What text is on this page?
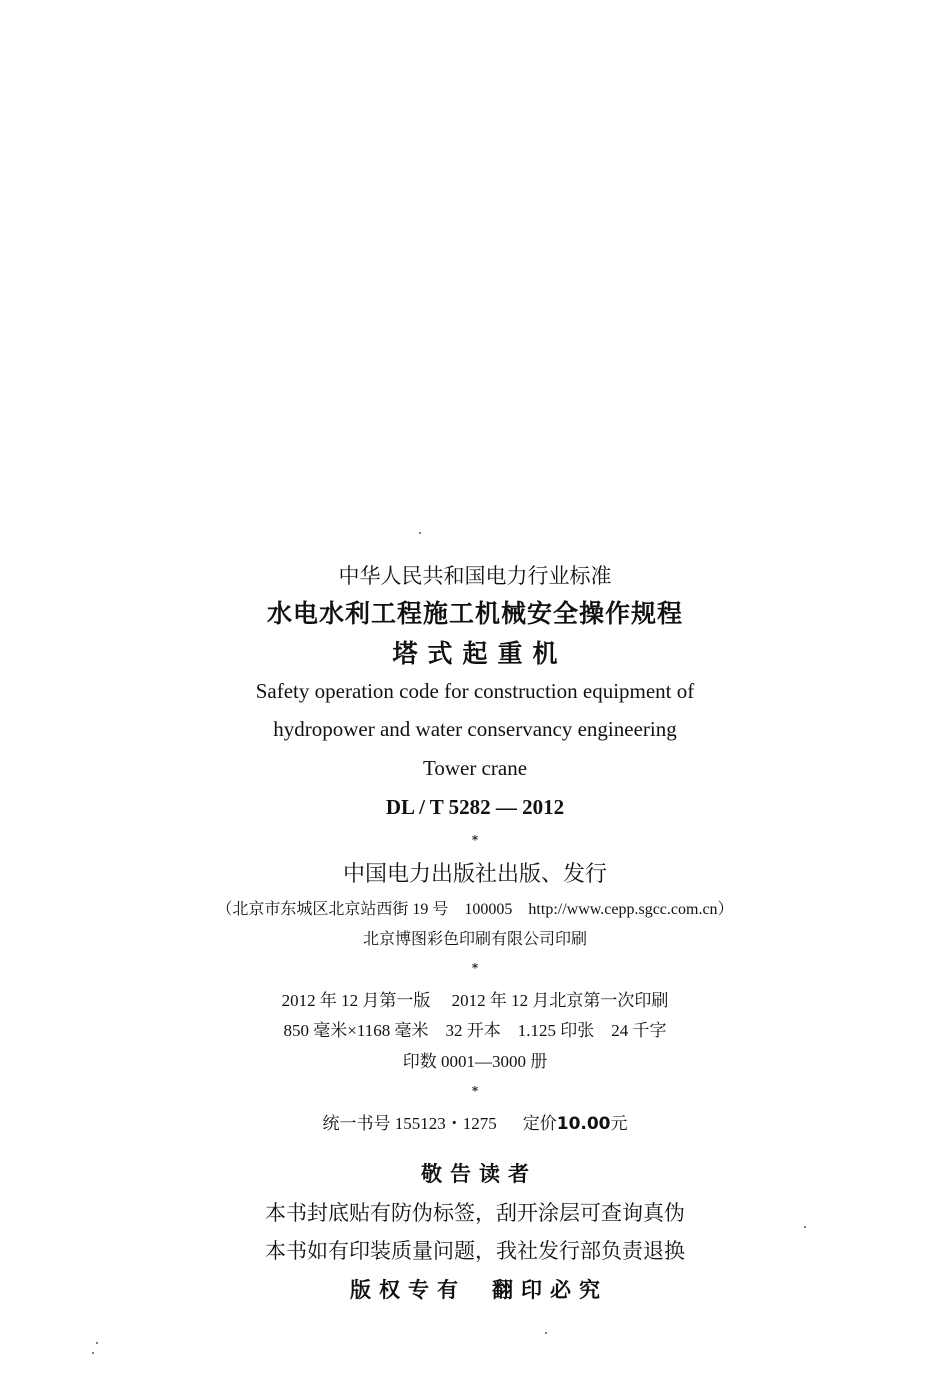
中华人民共和国电力行业标准
水电水利工程施工机械安全操作规程
塔式起重机
Safety operation code for construction equipment of
hydropower and water conservancy engineering
Tower crane
DL / T 5282 — 2012
*
中国电力出版社出版、发行
（北京市东城区北京站西街 19 号　100005　http://www.cepp.sgcc.com.cn）
北京博图彩色印刷有限公司印刷
*
2012 年 12 月第一版　 2012 年 12 月北京第一次印刷
850 毫米×1168 毫米　32 开本　1.125 印张　24 千字
印数 0001—3000 册
*
统一书号 155123・1275 定价10.00元
敬告读者
本书封底贴有防伪标签，刮开涂层可查询真伪
本书如有印装质量问题，我社发行部负责退换
版权专有 翻印必究
